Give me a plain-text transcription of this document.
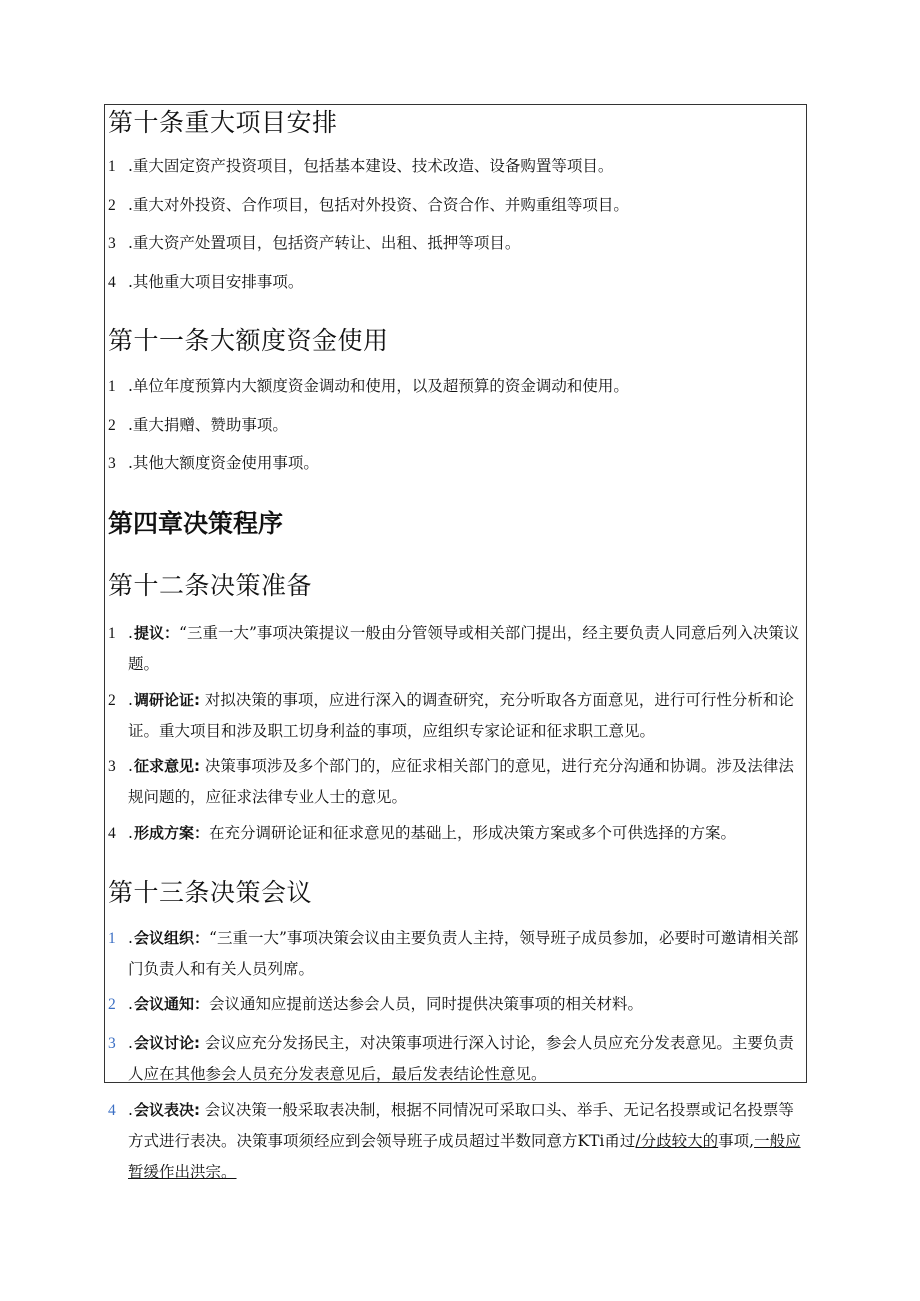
第十条重大项目安排
1 .重大固定资产投资项目，包括基本建设、技术改造、设备购置等项目。
2 .重大对外投资、合作项目，包括对外投资、合资合作、并购重组等项目。
3 .重大资产处置项目，包括资产转让、出租、抵押等项目。
4 .其他重大项目安排事项。
第十一条大额度资金使用
1 .单位年度预算内大额度资金调动和使用，以及超预算的资金调动和使用。
2 .重大捐赠、赞助事项。
3 .其他大额度资金使用事项。
第四章决策程序
第十二条决策准备
1 .提议：“三重一大”事项决策提议一般由分管领导或相关部门提出，经主要负责人同意后列入决策议题。
2 .调研论证: 对拟决策的事项，应进行深入的调查研究，充分听取各方面意见，进行可行性分析和论证。重大项目和涉及职工切身利益的事项，应组织专家论证和征求职工意见。
3 .征求意见: 决策事项涉及多个部门的，应征求相关部门的意见，进行充分沟通和协调。涉及法律法规问题的，应征求法律专业人士的意见。
4 .形成方案：在充分调研论证和征求意见的基础上，形成决策方案或多个可供选择的方案。
第十三条决策会议
1 .会议组织：“三重一大”事项决策会议由主要负责人主持，领导班子成员参加，必要时可邀请相关部门负责人和有关人员列席。
2 .会议通知：会议通知应提前送达参会人员，同时提供决策事项的相关材料。
3 .会议讨论: 会议应充分发扬民主，对决策事项进行深入讨论，参会人员应充分发表意见。主要负责人应在其他参会人员充分发表意见后，最后发表结论性意见。
4 .会议表决: 会议决策一般采取表决制，根据不同情况可采取口头、举手、无记名投票或记名投票等方式进行表决。决策事项须经应到会领导班子成员超过半数同意方KTi甬过/分歧较大的事项,一般应暂缓作出洪宗。
